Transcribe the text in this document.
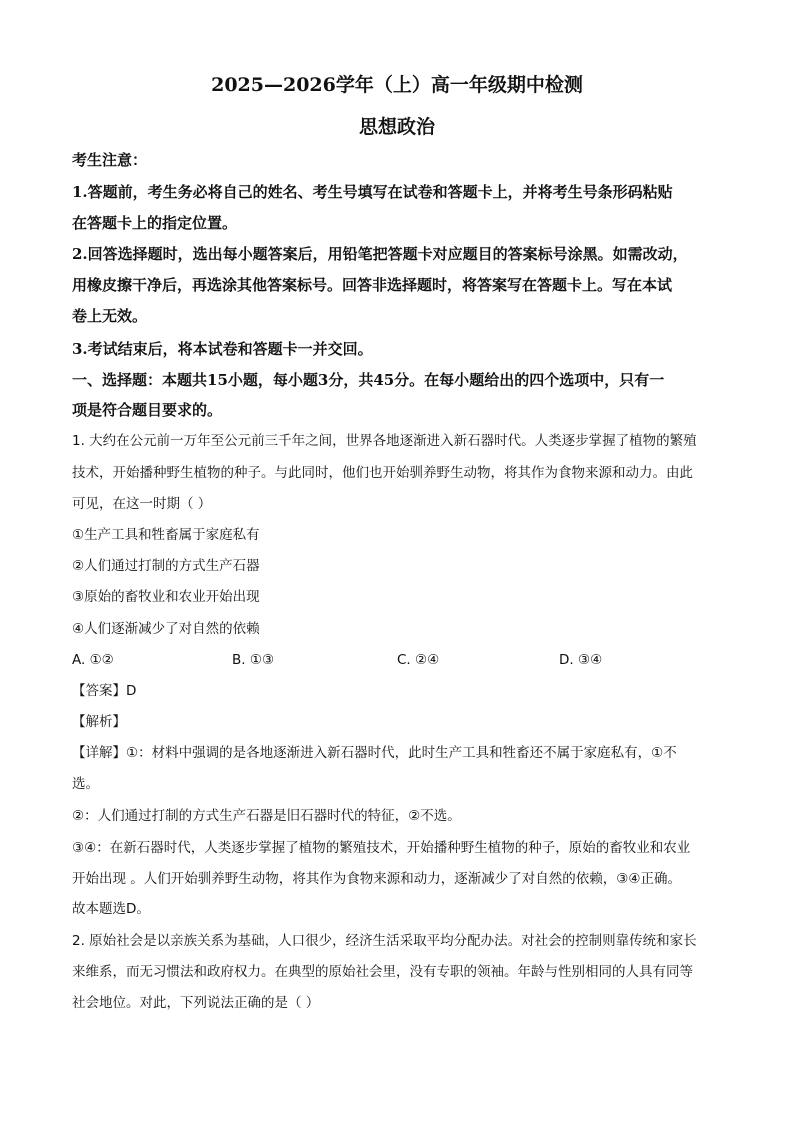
2025—2026学年（上）高一年级期中检测
思想政治
考生注意：
1.答题前，考生务必将自己的姓名、考生号填写在试卷和答题卡上，并将考生号条形码粘贴
在答题卡上的指定位置。
2.回答选择题时，选出每小题答案后，用铅笔把答题卡对应题目的答案标号涂黑。如需改动，
用橡皮擦干净后，再选涂其他答案标号。回答非选择题时，将答案写在答题卡上。写在本试
卷上无效。
3.考试结束后，将本试卷和答题卡一并交回。
一、选择题：本题共15小题，每小题3分，共45分。在每小题给出的四个选项中，只有一
项是符合题目要求的。
1. 大约在公元前一万年至公元前三千年之间，世界各地逐渐进入新石器时代。人类逐步掌握了植物的繁殖
技术，开始播种野生植物的种子。与此同时，他们也开始驯养野生动物，将其作为食物来源和动力。由此
可见，在这一时期（ ）
①生产工具和牲畜属于家庭私有
②人们通过打制的方式生产石器
③原始的畜牧业和农业开始出现
④人们逐渐减少了对自然的依赖
A. ①②	B. ①③	C. ②④	D. ③④
【答案】D
【解析】
【详解】①：材料中强调的是各地逐渐进入新石器时代，此时生产工具和牲畜还不属于家庭私有，①不
选。
②：人们通过打制的方式生产石器是旧石器时代的特征，②不选。
③④：在新石器时代，人类逐步掌握了植物的繁殖技术，开始播种野生植物的种子，原始的畜牧业和农业
开始出现 。人们开始驯养野生动物，将其作为食物来源和动力，逐渐减少了对自然的依赖，③④正确。
故本题选D。
2. 原始社会是以亲族关系为基础，人口很少，经济生活采取平均分配办法。对社会的控制则靠传统和家长
来维系，而无习惯法和政府权力。在典型的原始社会里，没有专职的领袖。年龄与性别相同的人具有同等
社会地位。对此，下列说法正确的是（ ）
